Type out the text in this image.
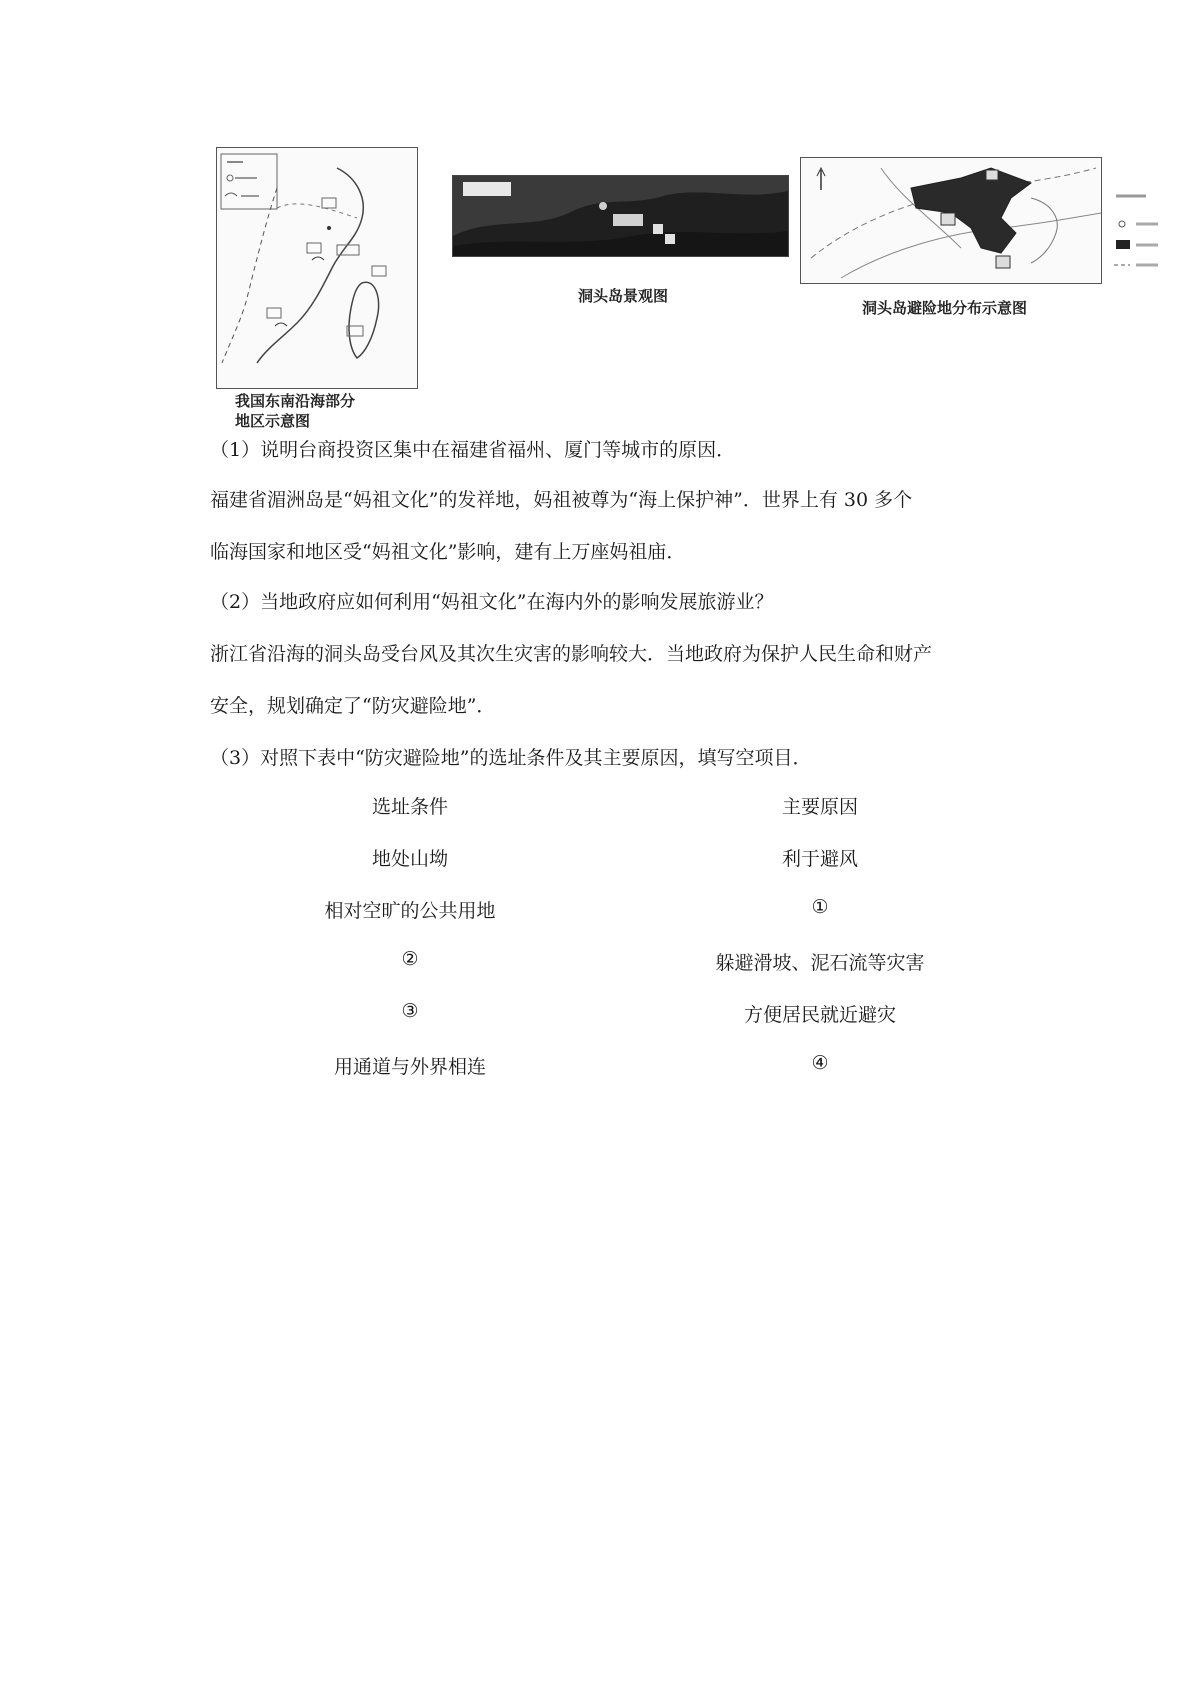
我国东南沿海部分
地区示意图
洞头岛景观图
洞头岛避险地分布示意图
（1）说明台商投资区集中在福建省福州、厦门等城市的原因．
福建省湄洲岛是“妈祖文化”的发祥地，妈祖被尊为“海上保护神”．世界上有 30 多个
临海国家和地区受“妈祖文化”影响，建有上万座妈祖庙．
（2）当地政府应如何利用“妈祖文化”在海内外的影响发展旅游业？
浙江省沿海的洞头岛受台风及其次生灾害的影响较大．当地政府为保护人民生命和财产
安全，规划确定了“防灾避险地”．
（3）对照下表中“防灾避险地”的选址条件及其主要原因，填写空项目．
选址条件	主要原因
地处山坳	利于避风
相对空旷的公共用地	①
②	躲避滑坡、泥石流等灾害
③	方便居民就近避灾
用通道与外界相连	④
